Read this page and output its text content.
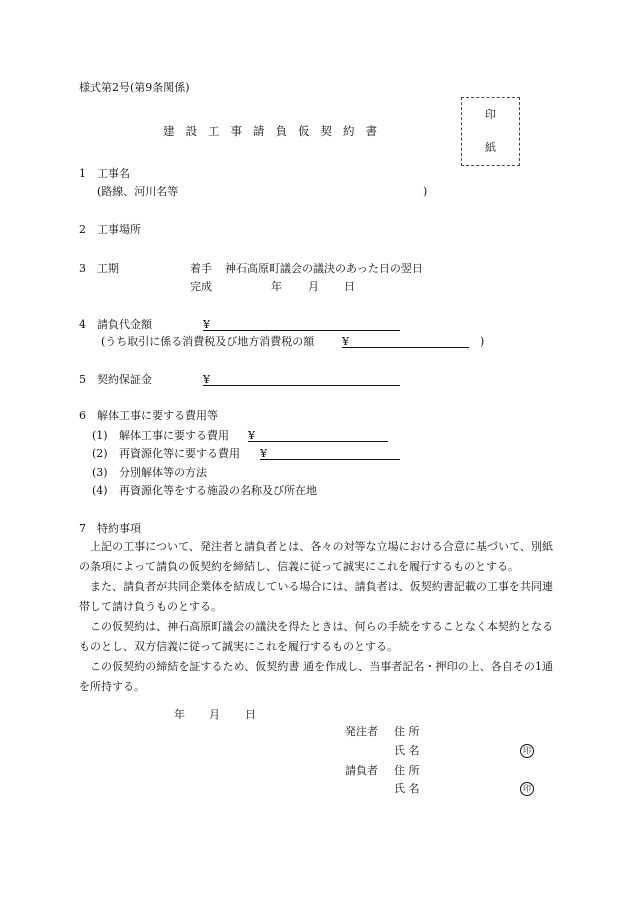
様式第2号(第9条関係)
印
紙
建設工事請負仮契約書
1 工事名
(路線、河川名等	)
2 工事場所
3 工期	着手 神石高原町議会の議決のあった日の翌日
完成	年 月 日
4 請負代金額	¥
(うち取引に係る消費税及び地方消費税の額	¥	)
5 契約保証金	¥
6 解体工事に要する費用等
(1) 解体工事に要する費用 ¥
(2) 再資源化等に要する費用 ¥
(3) 分別解体等の方法
(4) 再資源化等をする施設の名称及び所在地
7 特約事項

上記の工事について、発注者と請負者とは、各々の対等な立場における合意に基づいて、別紙の条項によって請負の仮契約を締結し、信義に従って誠実にこれを履行するものとする。

また、請負者が共同企業体を結成している場合には、請負者は、仮契約書記載の工事を共同連帯して請け負うものとする。

この仮契約は、神石高原町議会の議決を得たときは、何らの手続をすることなく本契約となるものとし、双方信義に従って誠実にこれを履行するものとする。

この仮契約の締結を証するため、仮契約書 通を作成し、当事者記名・押印の上、各自その1通を所持する。

年 月 日
発注者 住 所
氏 名	印
請負者 住 所
氏 名	印
